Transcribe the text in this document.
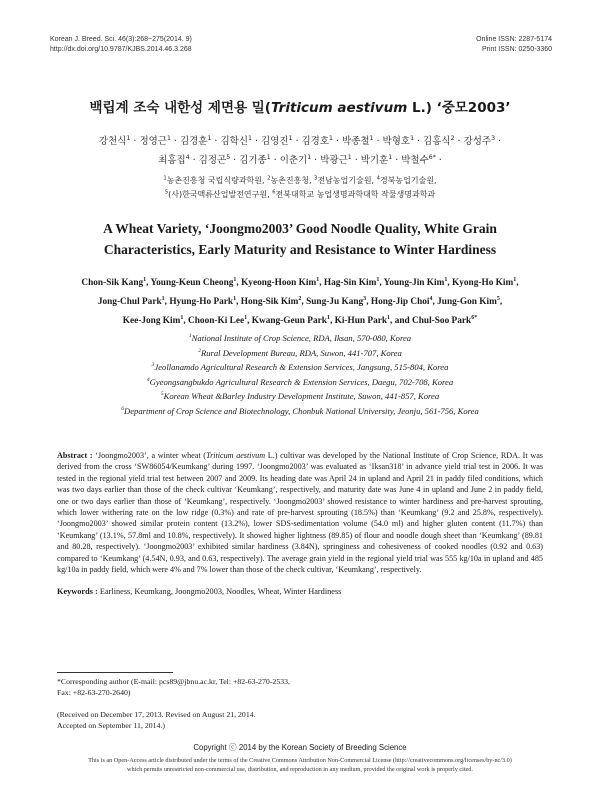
Korean J. Breed. Sci. 46(3):268~275(2014. 9)
http://dx.doi.org/10.9787/KJBS.2014.46.3.268
Online ISSN: 2287-5174
Print ISSN: 0250-3360
백립계 조숙 내한성 제면용 밀(Triticum aestivum L.) ‘중모2003’
강천식$^1$ · 정영근$^1$ · 김경훈$^1$ · 김학신$^1$ · 김영진$^1$ · 김경호$^1$ · 박종철$^1$ · 박형호$^1$ · 김홍식$^2$ · 강성주$^3$ ·
최홍집$^4$ · 김정곤$^5$ · 김기종$^1$ · 이춘기$^1$ · 박광근$^1$ · 박기훈$^1$ · 박철수$^{6*}$ ·
$^1$농촌진흥청 국립식량과학원, $^2$농촌진흥청, $^3$전남농업기술원, $^4$경북농업기술원,
$^5$(사)한국맥류산업발전연구원, $^6$전북대학교 농업생명과학대학 작물생명과학과
A Wheat Variety, ‘Joongmo2003’ Good Noodle Quality, White Grain
Characteristics, Early Maturity and Resistance to Winter Hardiness
Chon-Sik Kang$^1$, Young-Keun Cheong$^1$, Kyeong-Hoon Kim$^1$, Hag-Sin Kim$^1$, Young-Jin Kim$^1$, Kyong-Ho Kim$^1$,
Jong-Chul Park$^1$, Hyung-Ho Park$^1$, Hong-Sik Kim$^2$, Sung-Ju Kang$^3$, Hong-Jip Choi$^4$, Jung-Gon Kim$^5$,
Kee-Jong Kim$^1$, Choon-Ki Lee$^1$, Kwang-Geun Park$^1$, Ki-Hun Park$^1$, and Chul-Soo Park$^{6*}$
$^1$National Institute of Crop Science, RDA, Iksan, 570-080, Korea
$^2$Rural Development Bureau, RDA, Suwon, 441-707, Korea
$^3$Jeollanamdo Agricultural Research & Extension Services, Jangsung, 515-804, Korea
$^4$Gyeongsangbukdo Agricultural Research & Extension Services, Daegu, 702-708, Korea
$^5$Korean Wheat &Barley Industry Development Institute, Suwon, 441-857, Korea
$^6$Department of Crop Science and Biotechnology, Chonbuk National University, Jeonju, 561-756, Korea
Abstract : ‘Joongmo2003’, a winter wheat (Triticum aestivum L.) cultivar was developed by the National Institute of Crop Science, RDA. It was derived from the cross ‘SW86054/Keumkang’ during 1997. ‘Joongmo2003’ was evaluated as ‘Iksan318’ in advance yield trial test in 2006. It was tested in the regional yield trial test between 2007 and 2009. Its heading date was April 24 in upland and April 21 in paddy filed conditions, which was two days earlier than those of the check cultivar ‘Keumkang’, respectively, and maturity date was June 4 in upland and June 2 in paddy field, one or two days earlier than those of ‘Keumkang’, respectively. ‘Joongmo2003’ showed resistance to winter hardiness and pre-harvest sprouting, which lower withering rate on the low ridge (0.3%) and rate of pre-harvest sprouting (18.5%) than ‘Keumkang’ (9.2 and 25.8%, respectively). ‘Joongmo2003’ showed similar protein content (13.2%), lower SDS-sedimentation volume (54.0 ml) and higher gluten content (11.7%) than ‘Keumkang’ (13.1%, 57.8ml and 10.8%, respectively). It showed higher lightness (89.85) of flour and noodle dough sheet than ‘Keumkang’ (89.81 and 80.28, respectively). ‘Joongmo2003’ exhibited similar hardiness (3.84N), springiness and cohesiveness of cooked noodles (0.92 and 0.63) compared to ‘Keumkang’ (4.54N, 0.93, and 0.63, respectively). The average grain yield in the regional yield trial was 555 kg/10a in upland and 485 kg/10a in paddy field, which were 4% and 7% lower than those of the check cultivar, ‘Keumkang’, respectively.
Keywords : Earliness, Keumkang, Joongmo2003, Noodles, Wheat, Winter Hardiness
*Corresponding author (E-mail: pcs89@jbnu.ac.kr, Tel: +82-63-270-2533, Fax: +82-63-270-2640)
(Received on December 17, 2013. Revised on August 21, 2014.
Accepted on September 11, 2014.)
Copyright ⓒ 2014 by the Korean Society of Breeding Science
This is an Open-Access article distributed under the terms of the Creative Commons Attribution Non-Commercial License (http://creativecommons.org/licenses/by-nc/3.0)
which permits unrestricted non-commercial use, distribution, and reproduction in any medium, provided the original work is properly cited.
